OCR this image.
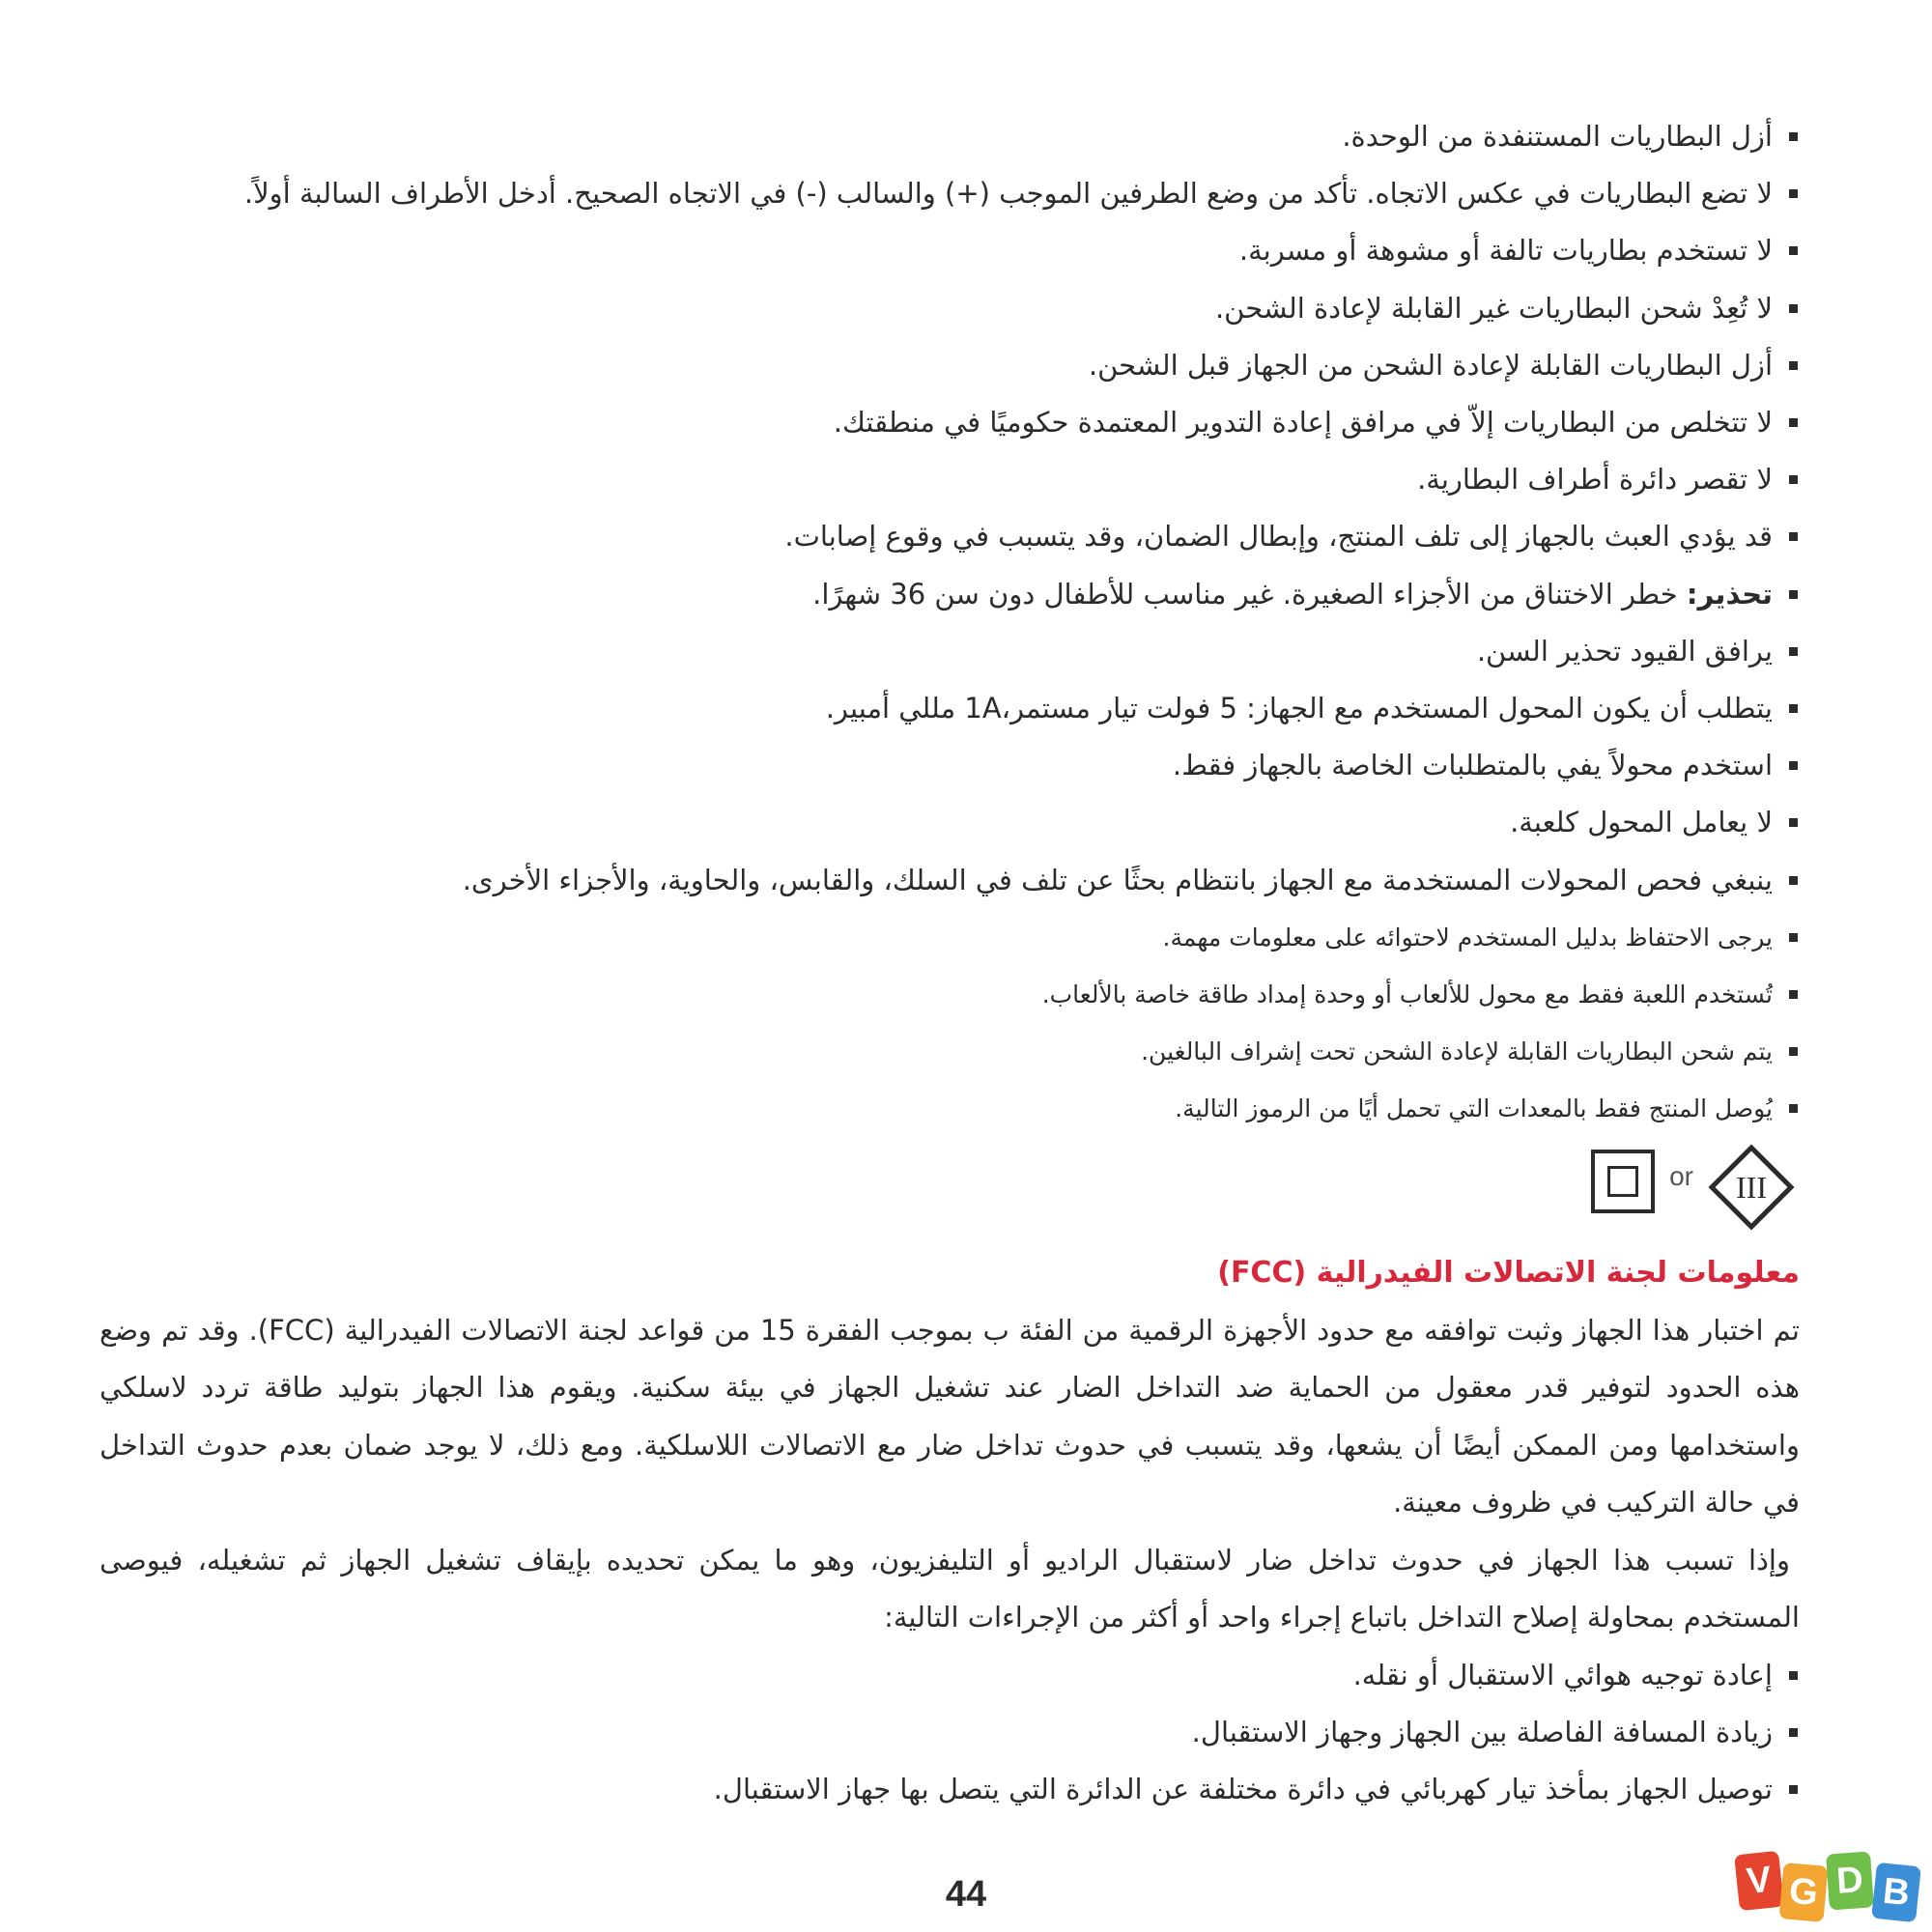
أزل البطاريات المستنفدة من الوحدة.
لا تضع البطاريات في عكس الاتجاه. تأكد من وضع الطرفين الموجب (+) والسالب (-) في الاتجاه الصحيح. أدخل الأطراف السالبة أولاً.
لا تستخدم بطاريات تالفة أو مشوهة أو مسربة.
لا تُعِدْ شحن البطاريات غير القابلة لإعادة الشحن.
أزل البطاريات القابلة لإعادة الشحن من الجهاز قبل الشحن.
لا تتخلص من البطاريات إلاّ في مرافق إعادة التدوير المعتمدة حكوميًا في منطقتك.
لا تقصر دائرة أطراف البطارية.
قد يؤدي العبث بالجهاز إلى تلف المنتج، وإبطال الضمان، وقد يتسبب في وقوع إصابات.
تحذير: خطر الاختناق من الأجزاء الصغيرة. غير مناسب للأطفال دون سن 36 شهرًا.
يرافق القيود تحذير السن.
يتطلب أن يكون المحول المستخدم مع الجهاز: 5 فولت تيار مستمر،1A مللي أمبير.
استخدم محولاً يفي بالمتطلبات الخاصة بالجهاز فقط.
لا يعامل المحول كلعبة.
ينبغي فحص المحولات المستخدمة مع الجهاز بانتظام بحثًا عن تلف في السلك، والقابس، والحاوية، والأجزاء الأخرى.
يرجى الاحتفاظ بدليل المستخدم لاحتوائه على معلومات مهمة.
تُستخدم اللعبة فقط مع محول للألعاب أو وحدة إمداد طاقة خاصة بالألعاب.
يتم شحن البطاريات القابلة لإعادة الشحن تحت إشراف البالغين.
يُوصل المنتج فقط بالمعدات التي تحمل أيًا من الرموز التالية.
or III
معلومات لجنة الاتصالات الفيدرالية (FCC)

تم اختبار هذا الجهاز وثبت توافقه مع حدود الأجهزة الرقمية من الفئة ب بموجب الفقرة 15 من قواعد لجنة الاتصالات الفيدرالية (FCC). وقد تم وضع هذه الحدود لتوفير قدر معقول من الحماية ضد التداخل الضار عند تشغيل الجهاز في بيئة سكنية. ويقوم هذا الجهاز بتوليد طاقة تردد لاسلكي واستخدامها ومن الممكن أيضًا أن يشعها، وقد يتسبب في حدوث تداخل ضار مع الاتصالات اللاسلكية. ومع ذلك، لا يوجد ضمان بعدم حدوث التداخل في حالة التركيب في ظروف معينة.

وإذا تسبب هذا الجهاز في حدوث تداخل ضار لاستقبال الراديو أو التليفزيون، وهو ما يمكن تحديده بإيقاف تشغيل الجهاز ثم تشغيله، فيوصى المستخدم بمحاولة إصلاح التداخل باتباع إجراء واحد أو أكثر من الإجراءات التالية:

إعادة توجيه هوائي الاستقبال أو نقله.
زيادة المسافة الفاصلة بين الجهاز وجهاز الاستقبال.
توصيل الجهاز بمأخذ تيار كهربائي في دائرة مختلفة عن الدائرة التي يتصل بها جهاز الاستقبال.
44	V G D B
